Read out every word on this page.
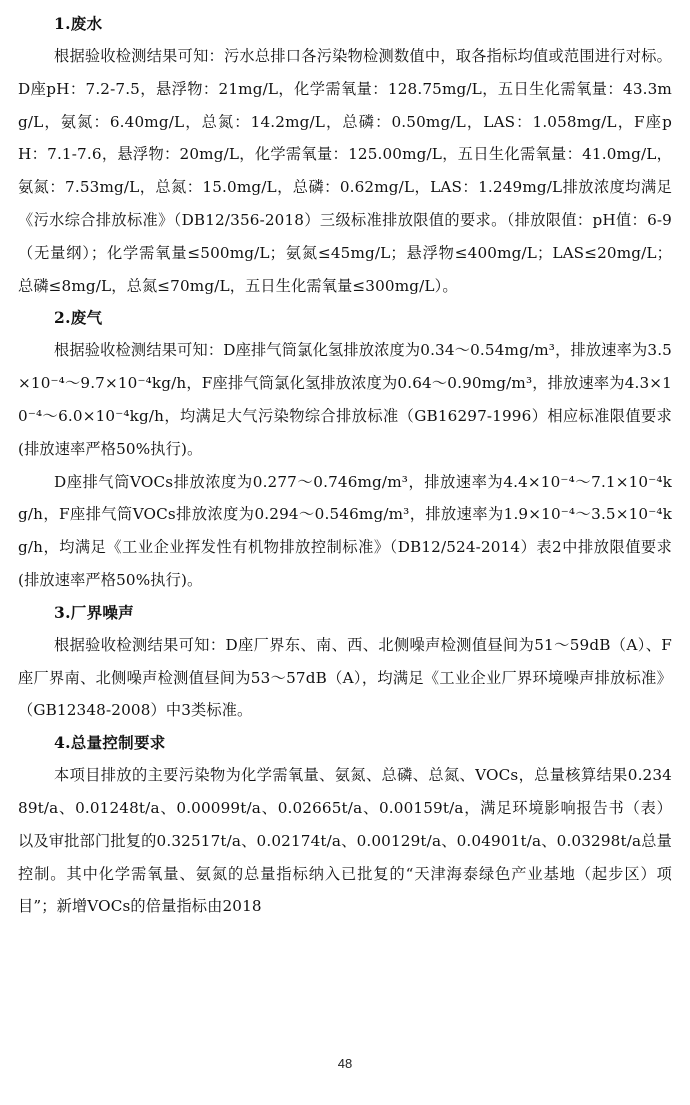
1.废水

根据验收检测结果可知：污水总排口各污染物检测数值中，取各指标均值或范围进行对标。D座pH：7.2-7.5，悬浮物：21mg/L，化学需氧量：128.75mg/L，五日生化需氧量：43.3mg/L，氨氮：6.40mg/L，总氮：14.2mg/L，总磷：0.50mg/L，LAS：1.058mg/L，F座pH：7.1-7.6，悬浮物：20mg/L，化学需氧量：125.00mg/L，五日生化需氧量：41.0mg/L，氨氮：7.53mg/L，总氮：15.0mg/L，总磷：0.62mg/L，LAS：1.249mg/L排放浓度均满足《污水综合排放标准》（DB12/356-2018）三级标准排放限值的要求。（排放限值：pH值：6-9（无量纲）；化学需氧量≤500mg/L；氨氮≤45mg/L；悬浮物≤400mg/L；LAS≤20mg/L；总磷≤8mg/L，总氮≤70mg/L，五日生化需氧量≤300mg/L）。

2.废气

根据验收检测结果可知：D座排气筒氯化氢排放浓度为0.34～0.54mg/m³，排放速率为3.5×10⁻⁴～9.7×10⁻⁴kg/h，F座排气筒氯化氢排放浓度为0.64～0.90mg/m³，排放速率为4.3×10⁻⁴～6.0×10⁻⁴kg/h，均满足大气污染物综合排放标准（GB16297-1996）相应标准限值要求(排放速率严格50%执行)。

D座排气筒VOCs排放浓度为0.277～0.746mg/m³，排放速率为4.4×10⁻⁴～7.1×10⁻⁴kg/h，F座排气筒VOCs排放浓度为0.294～0.546mg/m³，排放速率为1.9×10⁻⁴～3.5×10⁻⁴kg/h，均满足《工业企业挥发性有机物排放控制标准》（DB12/524-2014）表2中排放限值要求(排放速率严格50%执行)。

3.厂界噪声

根据验收检测结果可知：D座厂界东、南、西、北侧噪声检测值昼间为51～59dB（A）、F座厂界南、北侧噪声检测值昼间为53～57dB（A），均满足《工业企业厂界环境噪声排放标准》（GB12348-2008）中3类标准。

4.总量控制要求

本项目排放的主要污染物为化学需氧量、氨氮、总磷、总氮、VOCs，总量核算结果0.23489t/a、0.01248t/a、0.00099t/a、0.02665t/a、0.00159t/a，满足环境影响报告书（表）以及审批部门批复的0.32517t/a、0.02174t/a、0.00129t/a、0.04901t/a、0.03298t/a总量控制。其中化学需氧量、氨氮的总量指标纳入已批复的“天津海泰绿色产业基地（起步区）项目”；新增VOCs的倍量指标由2018

48
